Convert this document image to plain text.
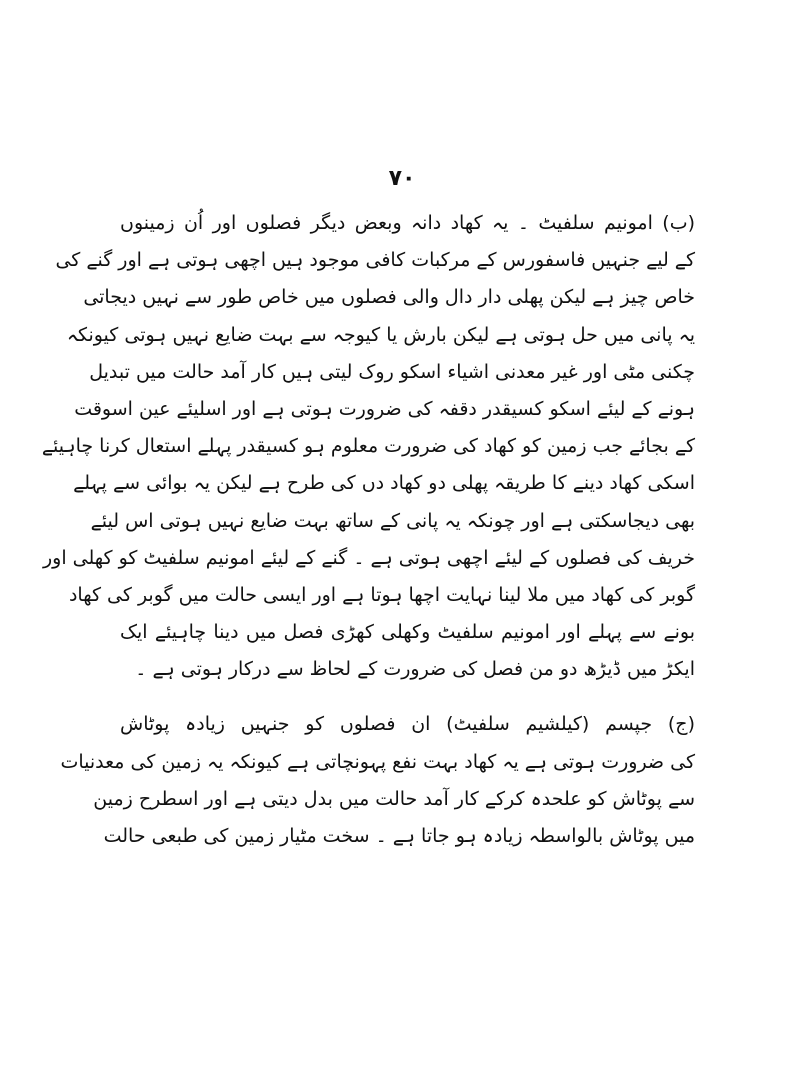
۷۰
(ب) امونیم سلفیٹ ۔ یہ کھاد دانہ وبعض دیگر فصلوں اور اُن زمینوں
کے لیے جنہیں فاسفورس کے مرکبات کافی موجود ہیں اچھی ہوتی ہے اور گنے کی
خاص چیز ہے لیکن پھلی دار دال والی فصلوں میں خاص طور سے نہیں دیجاتی
یہ پانی میں حل ہوتی ہے لیکن بارش یا کیوجہ سے بہت ضایع نہیں ہوتی کیونکہ
چکنی مٹی اور غیر معدنی اشیاء اسکو روک لیتی ہیں کار آمد حالت میں تبدیل
ہونے کے لیئے اسکو کسیقدر دقفہ کی ضرورت ہوتی ہے اور اسلیئے عین اسوقت
کے بجائے جب زمین کو کھاد کی ضرورت معلوم ہو کسیقدر پہلے استعال کرنا چاہیئے
اسکی کھاد دینے کا طریقہ پھلی دو کھاد دں کی طرح ہے لیکن یہ بوائی سے پہلے
بھی دیجاسکتی ہے اور چونکہ یہ پانی کے ساتھ بہت ضایع نہیں ہوتی اس لیئے
خریف کی فصلوں کے لیئے اچھی ہوتی ہے ۔ گنے کے لیئے امونیم سلفیٹ کو کھلی اور
گوبر کی کھاد میں ملا لینا نہایت اچھا ہوتا ہے اور ایسی حالت میں گوبر کی کھاد
بونے سے پہلے اور امونیم سلفیٹ وکھلی کھڑی فصل میں دینا چاہیئے ایک
ایکڑ میں ڈیڑھ دو من فصل کی ضرورت کے لحاظ سے درکار ہوتی ہے ۔
(ج) جپسم (کیلشیم سلفیٹ) ان فصلوں کو جنہیں زیادہ پوٹاش
کی ضرورت ہوتی ہے یہ کھاد بہت نفع پہونچاتی ہے کیونکہ یہ زمین کی معدنیات
سے پوٹاش کو علحدہ کرکے کار آمد حالت میں بدل دیتی ہے اور اسطرح زمین
میں پوٹاش بالواسطہ زیادہ ہو جاتا ہے ۔ سخت مٹیار زمین کی طبعی حالت
